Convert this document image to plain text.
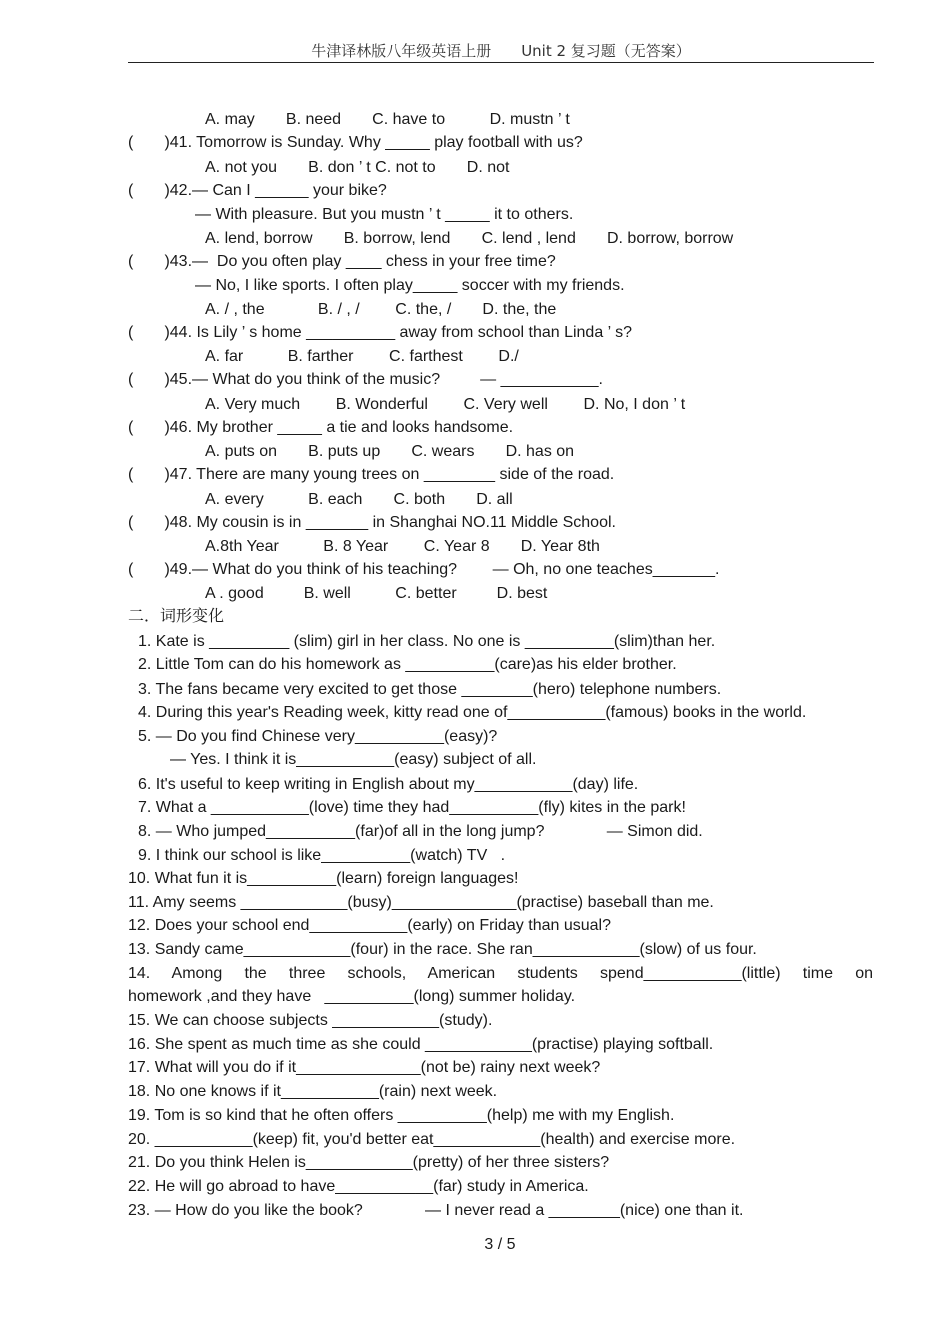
牛津译林版八年级英语上册　　Unit 2 复习题（无答案）
A. may       B. need       C. have to          D. mustn ’ t
(       )41. Tomorrow is Sunday. Why _____ play football with us?
A. not you       B. don ’ t C. not to       D. not
(       )42.— Can I ______ your bike?
— With pleasure. But you mustn ’ t _____ it to others.
A. lend, borrow       B. borrow, lend       C. lend , lend       D. borrow, borrow
(       )43.—  Do you often play ____ chess in your free time?
— No, I like sports. I often play_____ soccer with my friends.
A. / , the            B. / , /        C. the, /       D. the, the
(       )44. Is Lily ’ s home __________ away from school than Linda ’ s?
A. far          B. farther        C. farthest        D./
(       )45.— What do you think of the music?         — ___________.
A. Very much        B. Wonderful        C. Very well        D. No, I don ’ t
(       )46. My brother _____ a tie and looks handsome.
A. puts on       B. puts up       C. wears       D. has on
(       )47. There are many young trees on ________ side of the road.
A. every          B. each       C. both       D. all
(       )48. My cousin is in _______ in Shanghai NO.11 Middle School.
A.8th Year          B. 8 Year        C. Year 8       D. Year 8th
(       )49.— What do you think of his teaching?        — Oh, no one teaches_______.
A . good         B. well          C. better         D. best
二．词形变化
1. Kate is _________ (slim) girl in her class. No one is __________(slim)than her.
2. Little Tom can do his homework as __________(care)as his elder brother.
3. The fans became very excited to get those ________(hero) telephone numbers.
4. During this year's Reading week, kitty read one of___________(famous) books in the world.
5. — Do you find Chinese very__________(easy)?
— Yes. I think it is___________(easy) subject of all.
6. It's useful to keep writing in English about my___________(day) life.
7. What a ___________(love) time they had__________(fly) kites in the park!
8. — Who jumped__________(far)of all in the long jump?              — Simon did.
9. I think our school is like__________(watch) TV   .
10. What fun it is__________(learn) foreign languages!
11. Amy seems ____________(busy)______________(practise) baseball than me.
12. Does your school end___________(early) on Friday than usual?
13. Sandy came____________(four) in the race. She ran____________(slow) of us four.
14. Among the three schools, American students spend___________(little) time on
homework ,and they have   __________(long) summer holiday.
15. We can choose subjects ____________(study).
16. She spent as much time as she could ____________(practise) playing softball.
17. What will you do if it______________(not be) rainy next week?
18. No one knows if it___________(rain) next week.
19. Tom is so kind that he often offers __________(help) me with my English.
20. ___________(keep) fit, you'd better eat____________(health) and exercise more.
21. Do you think Helen is____________(pretty) of her three sisters?
22. He will go abroad to have___________(far) study in America.
23. — How do you like the book?              — I never read a ________(nice) one than it.
3 / 5
